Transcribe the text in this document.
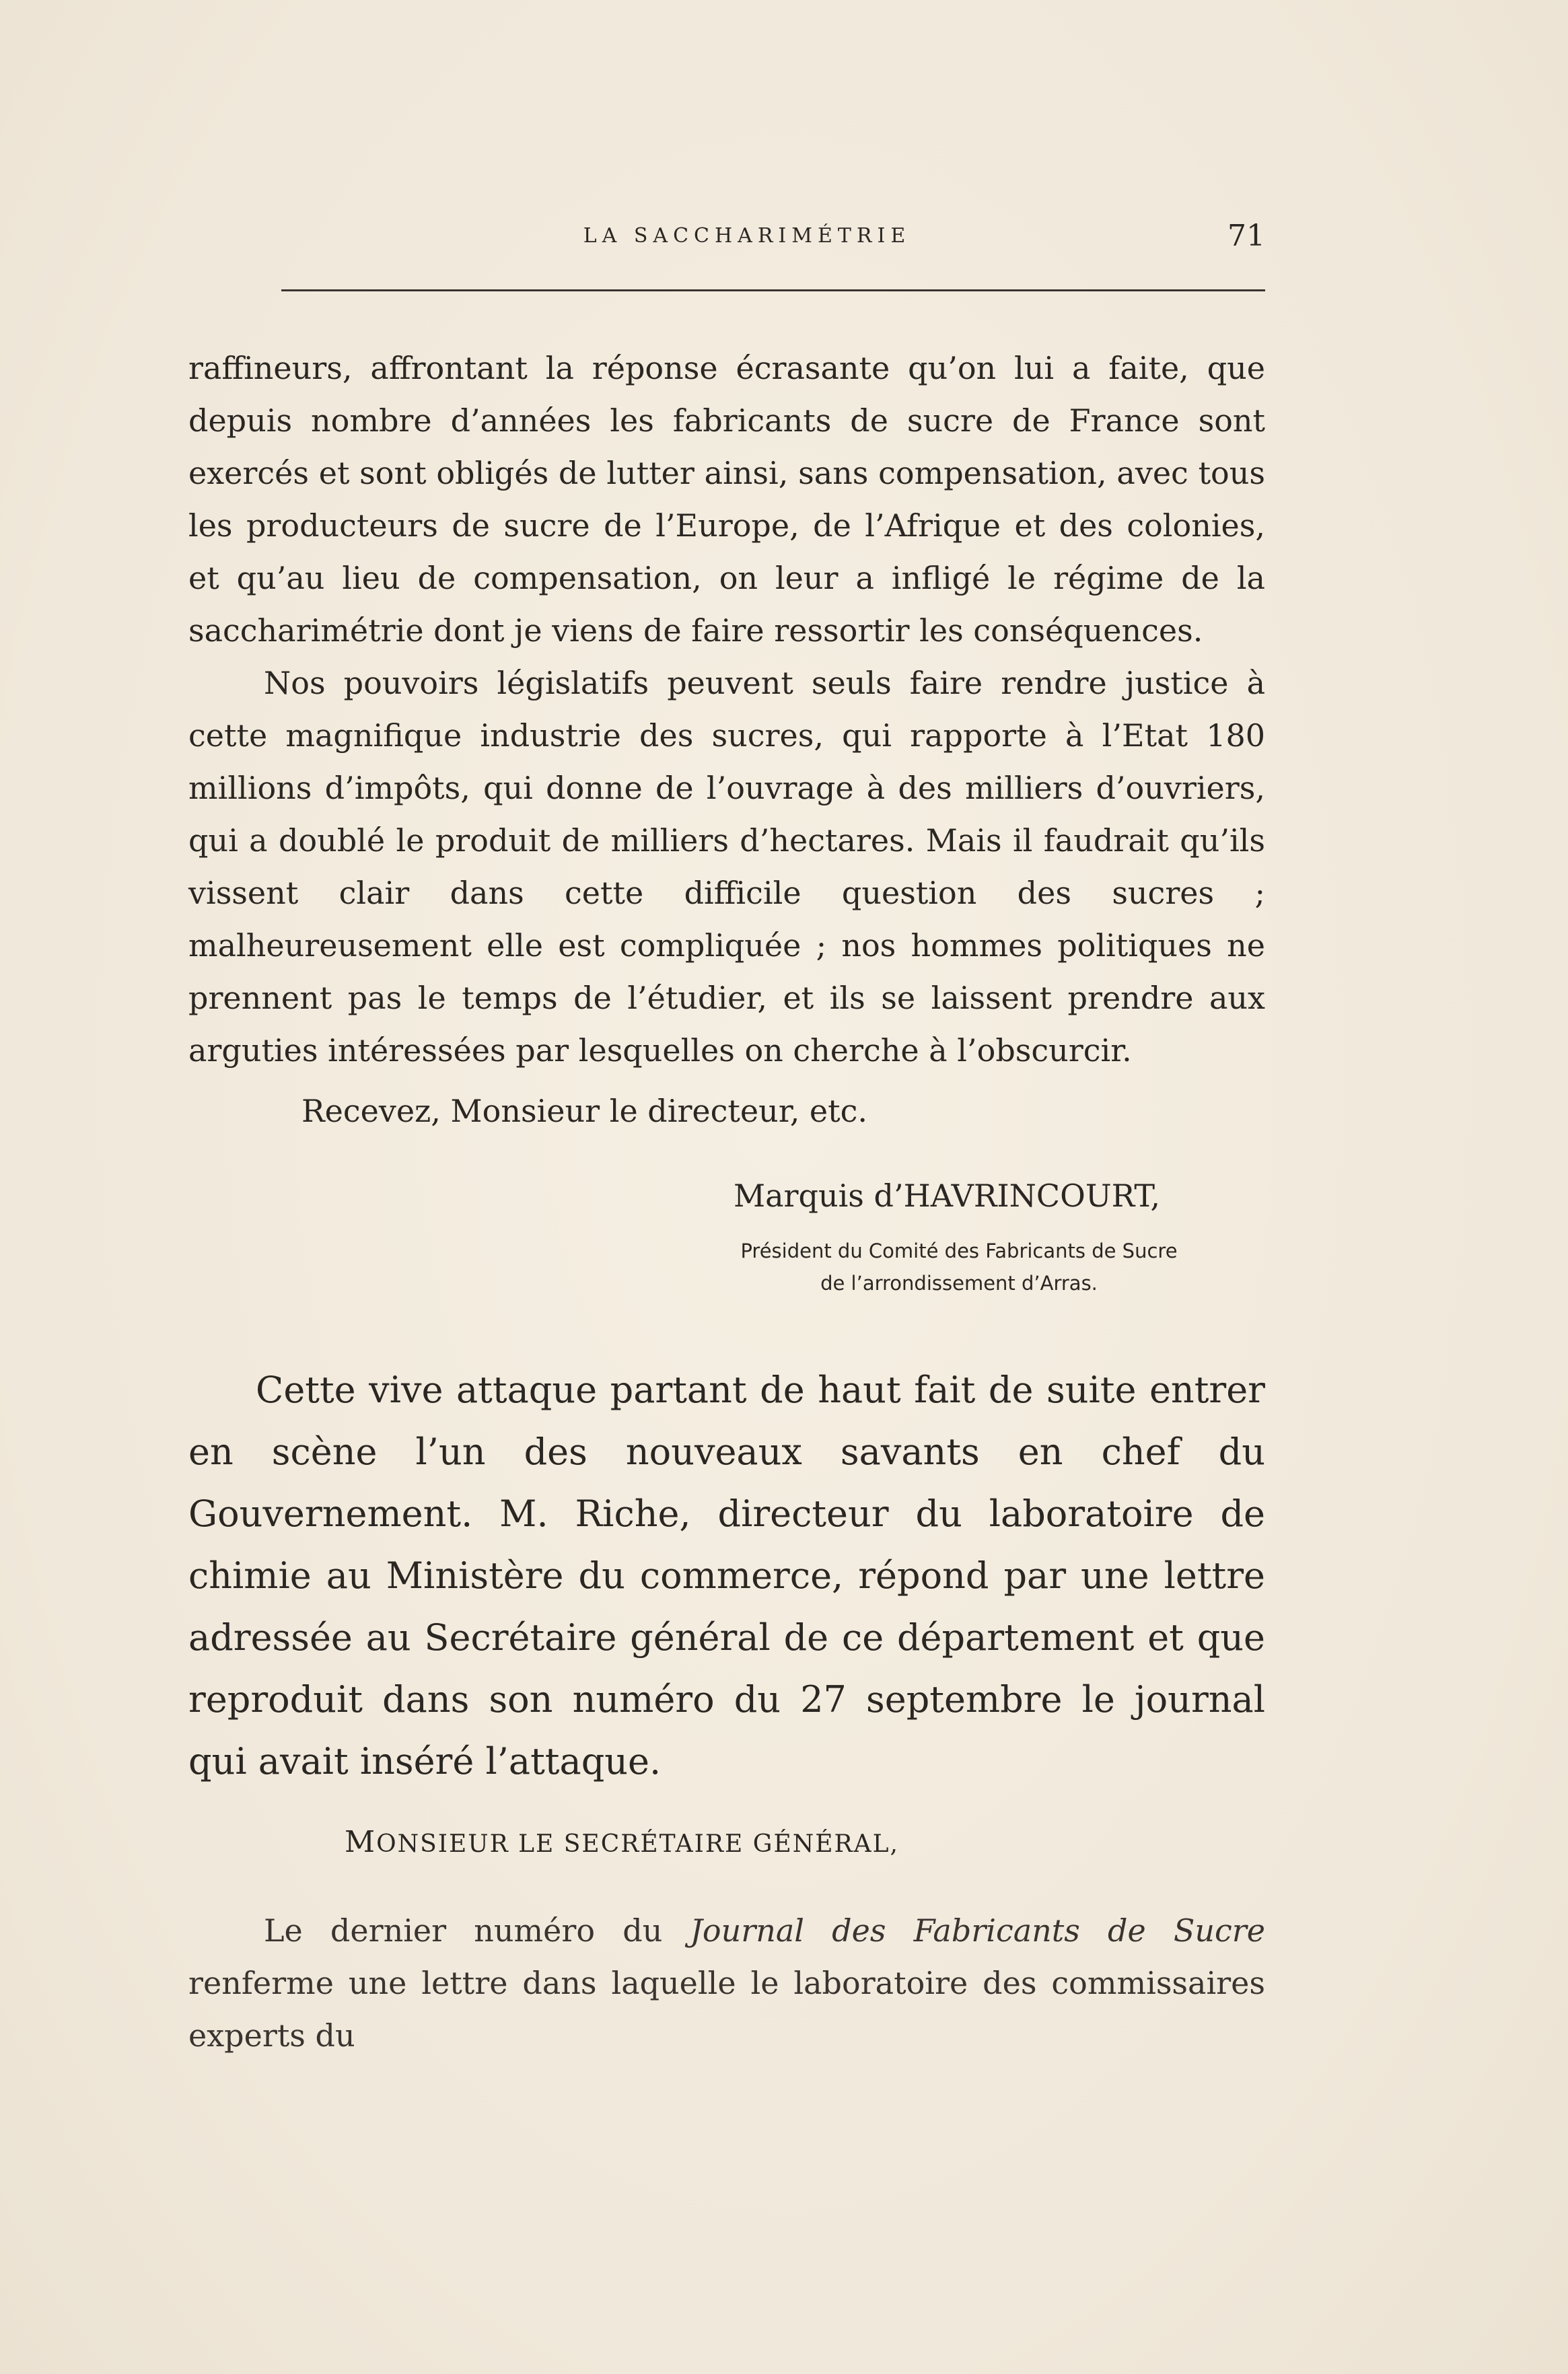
LA SACCHARIMÉTRIE	71

raffineurs, affrontant la réponse écrasante qu’on lui a faite, que depuis nombre d’années les fabricants de sucre de France sont exercés et sont obligés de lutter ainsi, sans compensation, avec tous les producteurs de sucre de l’Europe, de l’Afrique et des colonies, et qu’au lieu de compensation, on leur a infligé le régime de la saccharimétrie dont je viens de faire ressortir les conséquences.

Nos pouvoirs législatifs peuvent seuls faire rendre justice à cette magnifique industrie des sucres, qui rapporte à l’Etat 180 millions d’impôts, qui donne de l’ouvrage à des milliers d’ouvriers, qui a doublé le produit de milliers d’hectares. Mais il faudrait qu’ils vissent clair dans cette difficile question des sucres ; malheureusement elle est compliquée ; nos hommes politiques ne prennent pas le temps de l’étudier, et ils se laissent prendre aux arguties intéressées par lesquelles on cherche à l’obscurcir.

Recevez, Monsieur le directeur, etc.
Marquis d’HAVRINCOURT,
Président du Comité des Fabricants de Sucre
de l’arrondissement d’Arras.

Cette vive attaque partant de haut fait de suite entrer en scène l’un des nouveaux savants en chef du Gouvernement. M. Riche, directeur du laboratoire de chimie au Ministère du commerce, répond par une lettre adressée au Secrétaire général de ce département et que reproduit dans son numéro du 27 septembre le journal qui avait inséré l’attaque.

MONSIEUR LE SECRÉTAIRE GÉNÉRAL,

Le dernier numéro du Journal des Fabricants de Sucre renferme une lettre dans laquelle le laboratoire des commissaires experts du
